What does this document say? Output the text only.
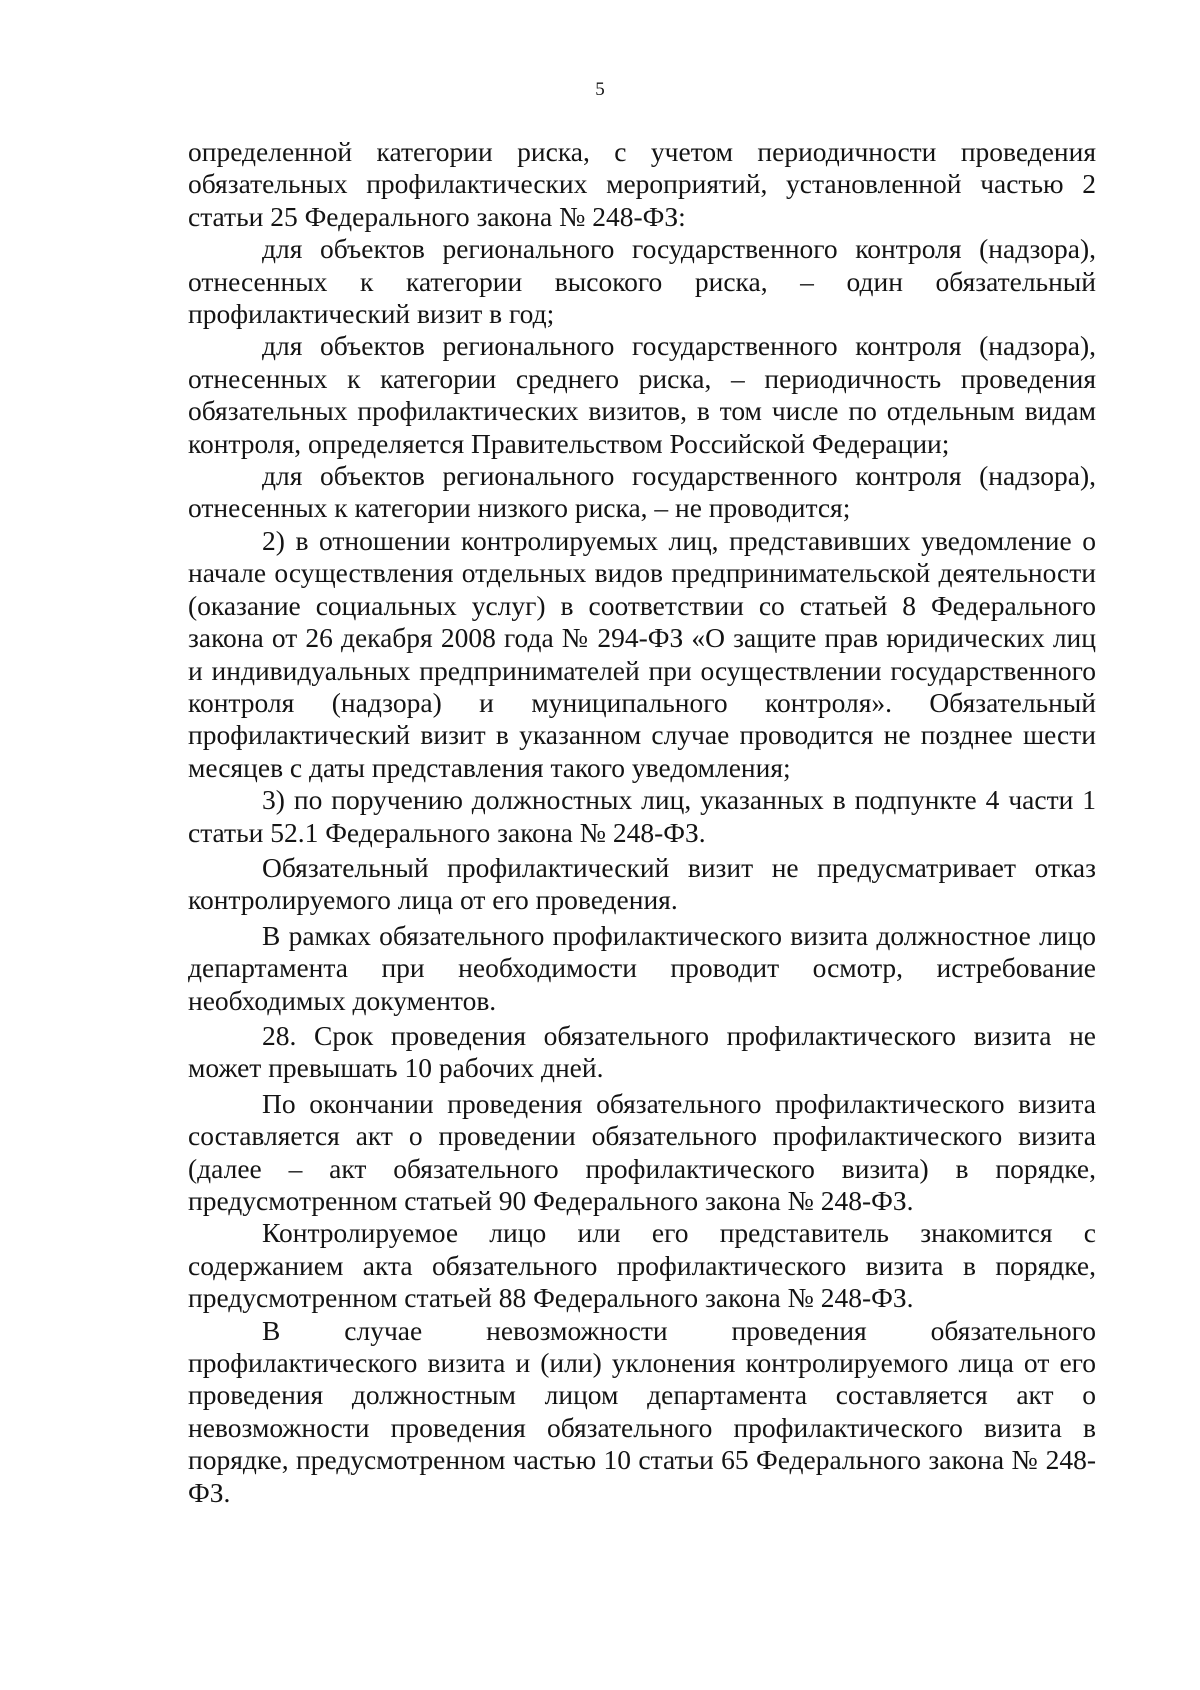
5

определенной категории риска, с учетом периодичности проведения обязательных профилактических мероприятий, установленной частью 2 статьи 25 Федерального закона № 248-ФЗ:

для объектов регионального государственного контроля (надзора), отнесенных к категории высокого риска, – один обязательный профилактический визит в год;

для объектов регионального государственного контроля (надзора), отнесенных к категории среднего риска, – периодичность проведения обязательных профилактических визитов, в том числе по отдельным видам контроля, определяется Правительством Российской Федерации;

для объектов регионального государственного контроля (надзора), отнесенных к категории низкого риска, – не проводится;

2) в отношении контролируемых лиц, представивших уведомление о начале осуществления отдельных видов предпринимательской деятельности (оказание социальных услуг) в соответствии со статьей 8 Федерального закона от 26 декабря 2008 года № 294-ФЗ «О защите прав юридических лиц и индивидуальных предпринимателей при осуществлении государственного контроля (надзора) и муниципального контроля». Обязательный профилактический визит в указанном случае проводится не позднее шести месяцев с даты представления такого уведомления;

3) по поручению должностных лиц, указанных в подпункте 4 части 1 статьи 52.1 Федерального закона № 248-ФЗ.

Обязательный профилактический визит не предусматривает отказ контролируемого лица от его проведения.

В рамках обязательного профилактического визита должностное лицо департамента при необходимости проводит осмотр, истребование необходимых документов.

28. Срок проведения обязательного профилактического визита не может превышать 10 рабочих дней.

По окончании проведения обязательного профилактического визита составляется акт о проведении обязательного профилактического визита (далее – акт обязательного профилактического визита) в порядке, предусмотренном статьей 90 Федерального закона № 248-ФЗ.

Контролируемое лицо или его представитель знакомится с содержанием акта обязательного профилактического визита в порядке, предусмотренном статьей 88 Федерального закона № 248-ФЗ.

В случае невозможности проведения обязательного профилактического визита и (или) уклонения контролируемого лица от его проведения должностным лицом департамента составляется акт о невозможности проведения обязательного профилактического визита в порядке, предусмотренном частью 10 статьи 65 Федерального закона № 248-ФЗ.
